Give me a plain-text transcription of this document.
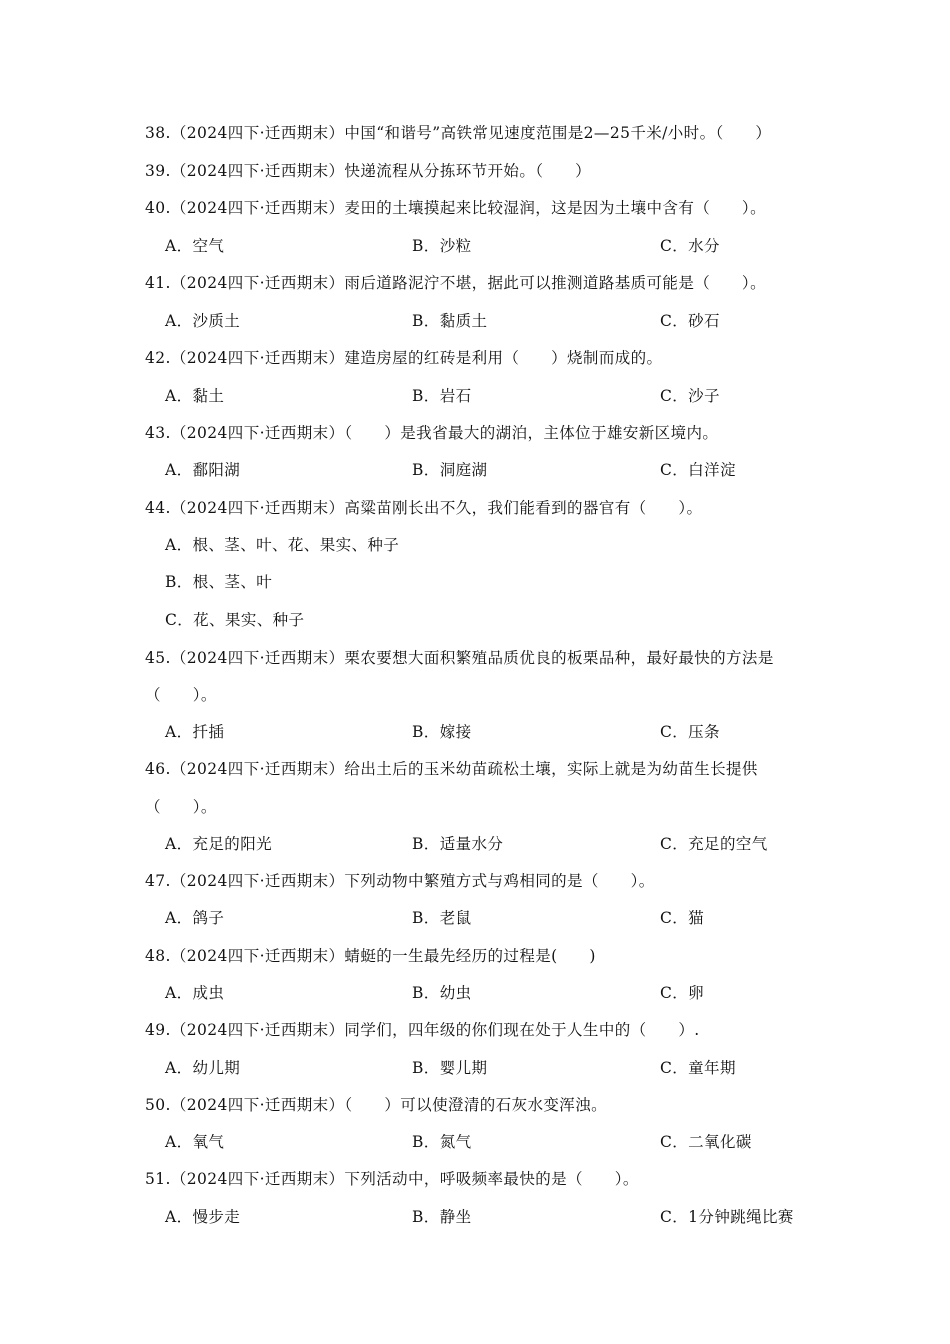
38.（2024四下·迁西期末）中国“和谐号”高铁常见速度范围是2—25千米/小时。（　　）
39.（2024四下·迁西期末）快递流程从分拣环节开始。（　　）
40.（2024四下·迁西期末）麦田的土壤摸起来比较湿润，这是因为土壤中含有（　　）。
A．空气	B．沙粒	C．水分
41.（2024四下·迁西期末）雨后道路泥泞不堪，据此可以推测道路基质可能是（　　）。
A．沙质土	B．黏质土	C．砂石
42.（2024四下·迁西期末）建造房屋的红砖是利用（　　）烧制而成的。
A．黏土	B．岩石	C．沙子
43.（2024四下·迁西期末）（　　）是我省最大的湖泊，主体位于雄安新区境内。
A．鄱阳湖	B．洞庭湖	C．白洋淀
44.（2024四下·迁西期末）高粱苗刚长出不久，我们能看到的器官有（　　）。
A．根、茎、叶、花、果实、种子
B．根、茎、叶
C．花、果实、种子
45.（2024四下·迁西期末）栗农要想大面积繁殖品质优良的板栗品种，最好最快的方法是
（　　）。
A．扦插	B．嫁接	C．压条
46.（2024四下·迁西期末）给出土后的玉米幼苗疏松土壤，实际上就是为幼苗生长提供
（　　）。
A．充足的阳光	B．适量水分	C．充足的空气
47.（2024四下·迁西期末）下列动物中繁殖方式与鸡相同的是（　　）。
A．鸽子	B．老鼠	C．猫
48.（2024四下·迁西期末）蜻蜓的一生最先经历的过程是(　　)
A．成虫	B．幼虫	C．卵
49.（2024四下·迁西期末）同学们，四年级的你们现在处于人生中的（　　）.
A．幼儿期	B．婴儿期	C．童年期
50.（2024四下·迁西期末）（　　）可以使澄清的石灰水变浑浊。
A．氧气	B．氮气	C．二氧化碳
51.（2024四下·迁西期末）下列活动中，呼吸频率最快的是（　　）。
A．慢步走	B．静坐	C．1分钟跳绳比赛
